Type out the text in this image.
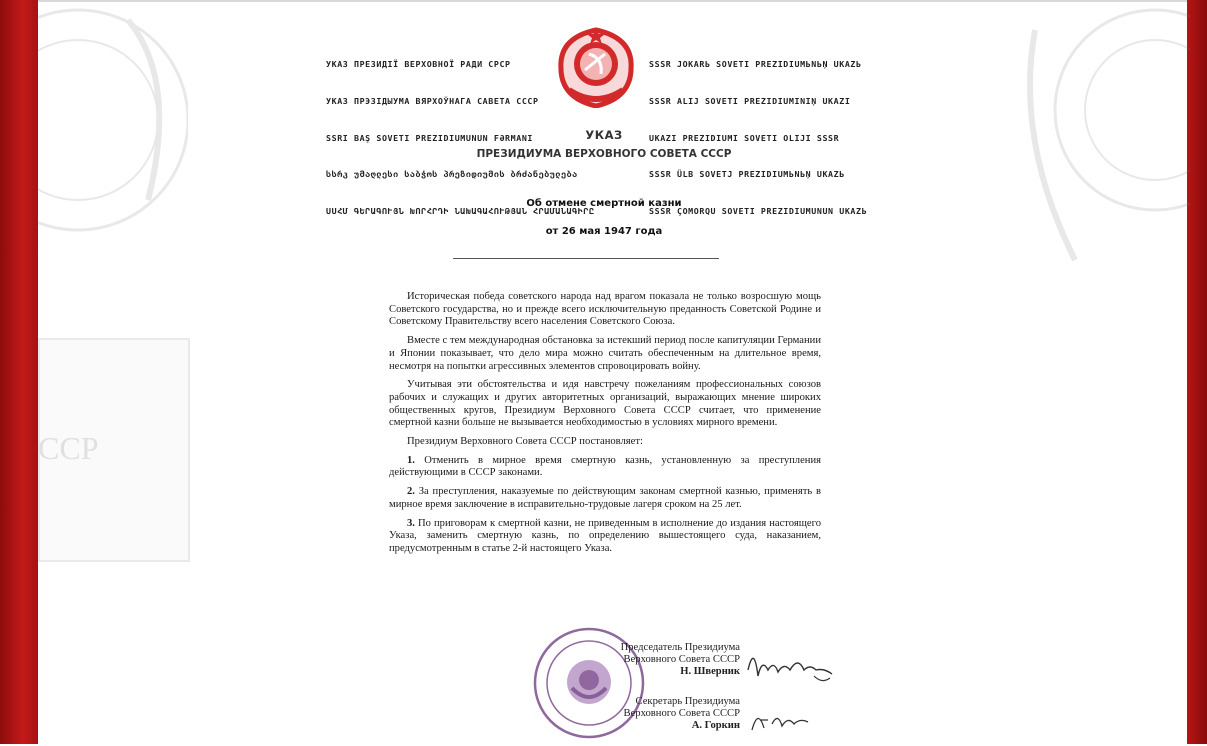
CCP

УКАЗ ПРЕЗИДІЇ ВЕРХОВНОЇ РАДИ СРСР

УКАЗ ПРЭЗІДЫУМА ВЯРХОЎНАГА САВЕТА СССР

SSRI BAŞ SOVETI PREZIDIUMUNUN FƏRMANI

სსრკ უმაღლესი საბჭოს პრეზიდიუმის ბრძანებულება

ՍՍՀՄ ԳԵՐԱԳՈՒՅՆ ԽՈՐՀՐԴԻ ՆԱԽԱԳԱՀՈՒԹՅԱՆ ՀՐԱՄԱՆԱԳԻՐԸ

SSSR JOKARЬ SOVETI PREZIDIUMЬNЬŅ UKAZЬ

SSSR ALIJ SOVETI PREZIDIUMINIŅ UKAZI

UKAZI PREZIDIUMI SOVETI OLIJI SSSR

SSSR ÜLB SOVETJ PREZIDIUMЬNЬŅ UKAZЬ

SSSR ÇOMORQU SOVETI PREZIDIUMUNUN UKAZЬ

УКАЗ
ПРЕЗИДИУМА ВЕРХОВНОГО СОВЕТА СССР
Об отмене смертной казни
от 26 мая 1947 года

Историческая победа советского народа над врагом показала не только возросшую мощь Советского государства, но и прежде всего исключительную преданность Советской Родине и Советскому Правительству всего населения Советского Союза.

Вместе с тем международная обстановка за истекший период после капитуляции Германии и Японии показывает, что дело мира можно считать обеспеченным на длительное время, несмотря на попытки агрессивных элементов спровоцировать войну.

Учитывая эти обстоятельства и идя навстречу пожеланиям профессиональных союзов рабочих и служащих и других авторитетных организаций, выражающих мнение широких общественных кругов, Президиум Верховного Совета СССР считает, что применение смертной казни больше не вызывается необходимостью в условиях мирного времени.

Президиум Верховного Совета СССР постановляет:

1. Отменить в мирное время смертную казнь, установленную за преступления действующими в СССР законами.

2. За преступления, наказуемые по действующим законам смертной казнью, применять в мирное время заключение в исправительно-трудовые лагеря сроком на 25 лет.

3. По приговорам к смертной казни, не приведенным в исполнение до издания настоящего Указа, заменить смертную казнь, по определению вышестоящего суда, наказанием, предусмотренным в статье 2-й настоящего Указа.

Председатель Президиума
Верховного Совета СССР
Н. Шверник
Секретарь Президиума
Верховного Совета СССР
А. Горкин
